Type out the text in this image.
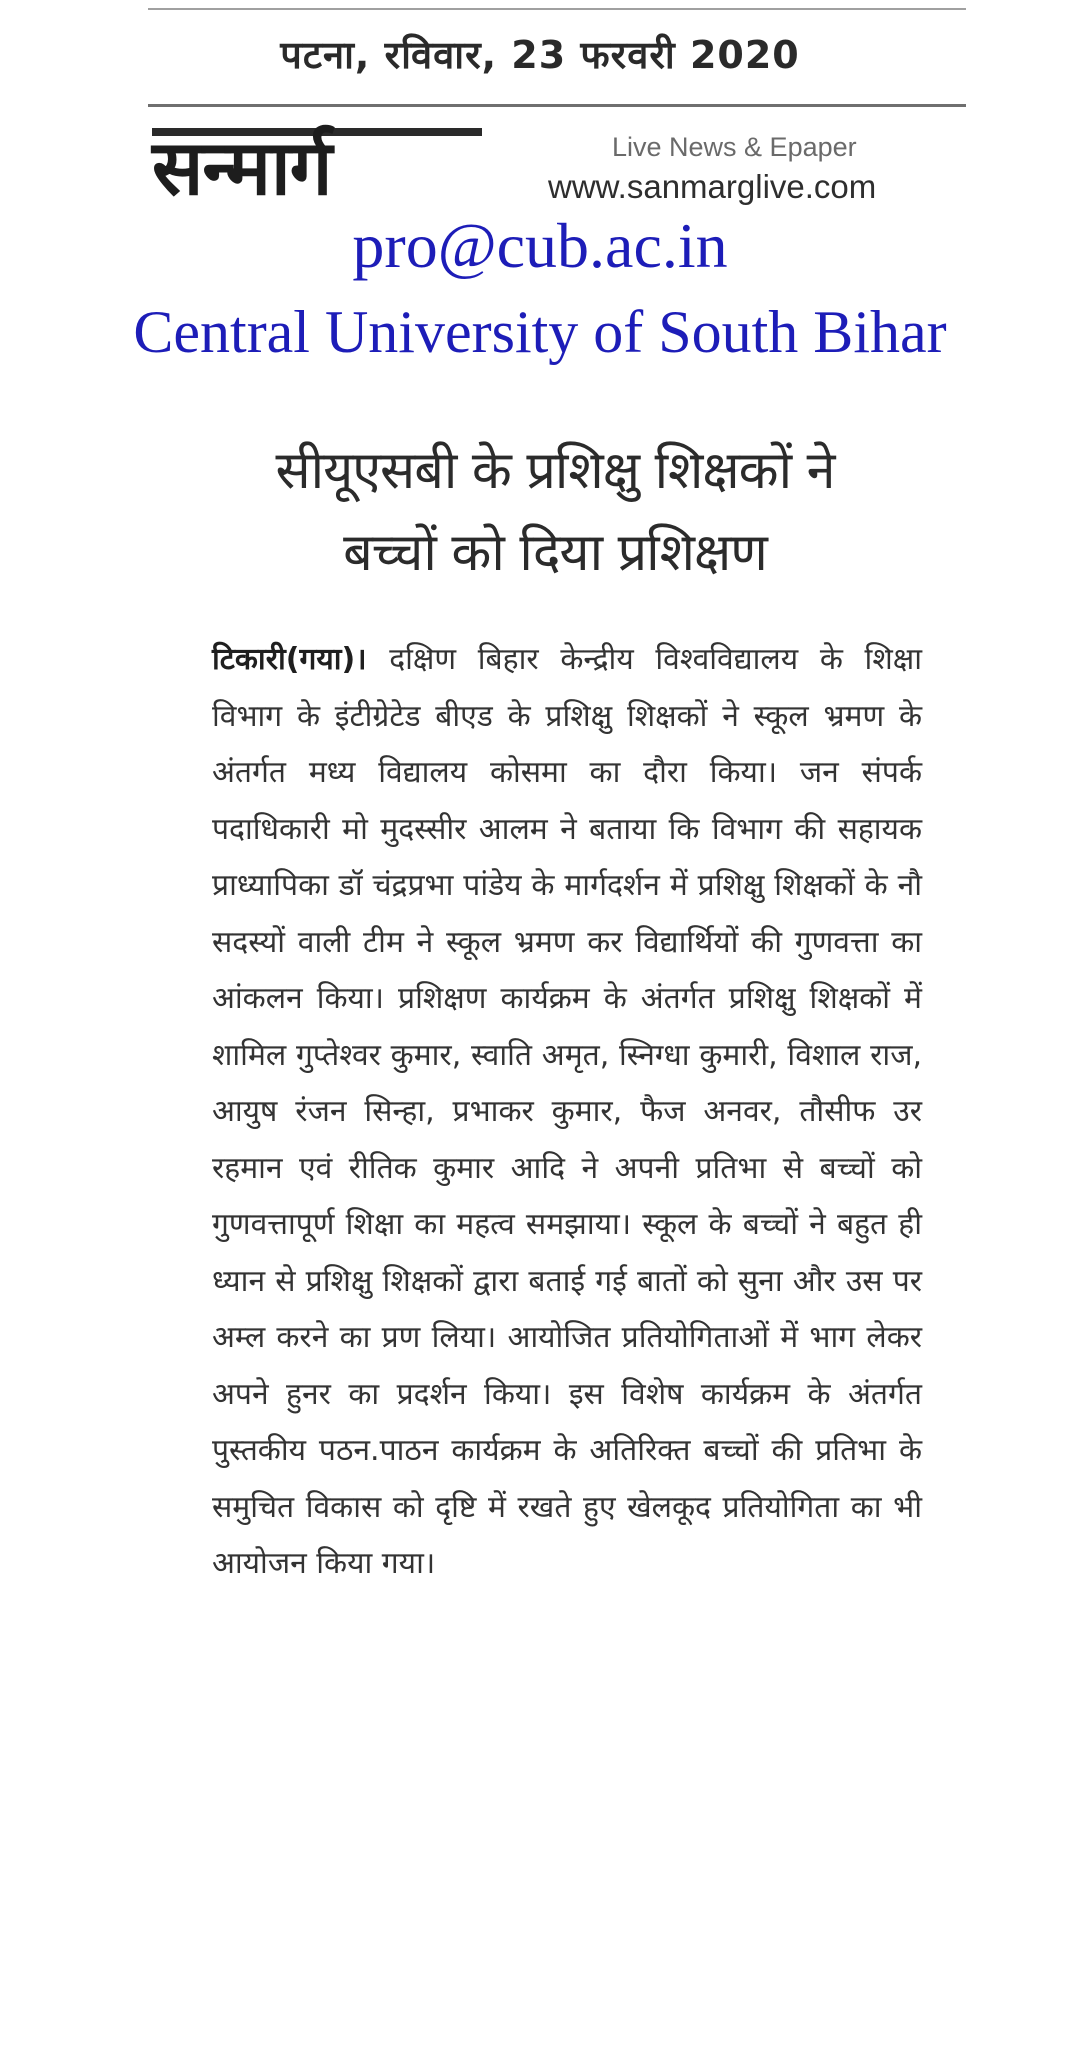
पटना, रविवार, 23 फरवरी 2020
सन्मार्ग	Live News & Epaper
www.sanmarglive.com
pro@cub.ac.in
Central University of South Bihar
सीयूएसबी के प्रशिक्षु शिक्षकों ने
बच्चों को दिया प्रशिक्षण
टिकारी(गया)। दक्षिण बिहार केन्द्रीय विश्वविद्यालय के शिक्षा विभाग के इंटीग्रेटेड बीएड के प्रशिक्षु शिक्षकों ने स्कूल भ्रमण के अंतर्गत मध्य विद्यालय कोसमा का दौरा किया। जन संपर्क पदाधिकारी मो मुदस्सीर आलम ने बताया कि विभाग की सहायक प्राध्यापिका डॉ चंद्रप्रभा पांडेय के मार्गदर्शन में प्रशिक्षु शिक्षकों के नौ सदस्यों वाली टीम ने स्कूल भ्रमण कर विद्यार्थियों की गुणवत्ता का आंकलन किया। प्रशिक्षण कार्यक्रम के अंतर्गत प्रशिक्षु शिक्षकों में शामिल गुप्तेश्वर कुमार, स्वाति अमृत, स्निग्धा कुमारी, विशाल राज, आयुष रंजन सिन्हा, प्रभाकर कुमार, फैज अनवर, तौसीफ उर रहमान एवं रीतिक कुमार आदि ने अपनी प्रतिभा से बच्चों को गुणवत्तापूर्ण शिक्षा का महत्व समझाया। स्कूल के बच्चों ने बहुत ही ध्यान से प्रशिक्षु शिक्षकों द्वारा बताई गई बातों को सुना और उस पर अम्ल करने का प्रण लिया। आयोजित प्रतियोगिताओं में भाग लेकर अपने हुनर का प्रदर्शन किया। इस विशेष कार्यक्रम के अंतर्गत पुस्तकीय पठन.पाठन कार्यक्रम के अतिरिक्त बच्चों की प्रतिभा के समुचित विकास को दृष्टि में रखते हुए खेलकूद प्रतियोगिता का भी आयोजन किया गया।
